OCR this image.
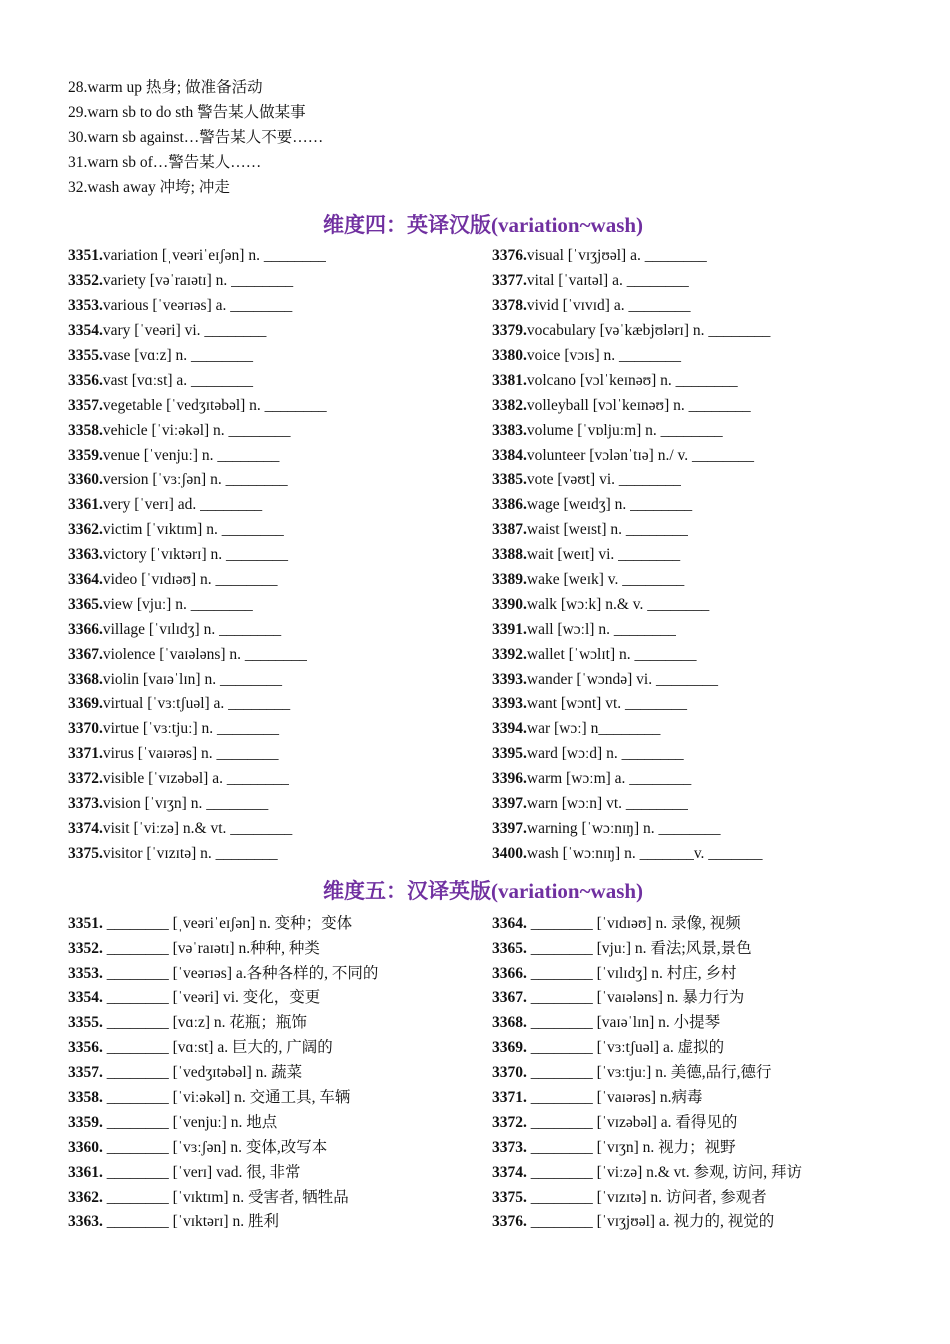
28.warm up 热身; 做准备活动
29.warn sb to do sth 警告某人做某事
30.warn sb against…警告某人不要……
31.warn sb of…警告某人……
32.wash away 冲垮; 冲走
维度四：英译汉版(variation~wash)
3351.variation [ˌveəriˈeɪʃən] n. ________
3352.variety [vəˈraɪətɪ] n. ________
3353.various [ˈveərɪəs] a. ________
3354.vary [ˈveəri] vi. ________
3355.vase [vɑːz] n. ________
3356.vast [vɑːst] a. ________
3357.vegetable [ˈvedʒɪtəbəl] n. ________
3358.vehicle [ˈviːəkəl] n. ________
3359.venue [ˈvenjuː] n. ________
3360.version [ˈvɜːʃən] n. ________
3361.very [ˈverɪ] ad. ________
3362.victim [ˈvɪktɪm] n. ________
3363.victory [ˈvɪktərɪ] n. ________
3364.video [ˈvɪdɪəʊ] n. ________
3365.view [vjuː] n. ________
3366.village [ˈvɪlɪdʒ] n. ________
3367.violence [ˈvaɪələns] n. ________
3368.violin [vaɪəˈlɪn] n. ________
3369.virtual [ˈvɜːtʃuəl] a. ________
3370.virtue [ˈvɜːtjuː] n. ________
3371.virus [ˈvaɪərəs] n. ________
3372.visible [ˈvɪzəbəl] a. ________
3373.vision [ˈvɪʒn] n. ________
3374.visit [ˈviːzə] n.& vt. ________
3375.visitor [ˈvɪzɪtə] n. ________
3376.visual [ˈvɪʒjʊəl] a. ________
3377.vital [ˈvaɪtəl] a. ________
3378.vivid [ˈvɪvɪd] a. ________
3379.vocabulary [vəˈkæbjʊlərɪ] n. ________
3380.voice [vɔɪs] n. ________
3381.volcano [vɔlˈkeɪnəʊ] n. ________
3382.volleyball [vɔlˈkeɪnəʊ] n. ________
3383.volume [ˈvɒljuːm] n. ________
3384.volunteer [vɔlənˈtɪə] n./ v. ________
3385.vote [vəʊt] vi. ________
3386.wage [weɪdʒ] n. ________
3387.waist [weɪst] n. ________
3388.wait [weɪt] vi. ________
3389.wake [weɪk] v. ________
3390.walk [wɔːk] n.& v. ________
3391.wall [wɔːl] n. ________
3392.wallet [ˈwɔlɪt] n. ________
3393.wander [ˈwɔndə] vi. ________
3393.want [wɔnt] vt. ________
3394.war [wɔː] n________
3395.ward [wɔːd] n. ________
3396.warm [wɔːm] a. ________
3397.warn [wɔːn] vt. ________
3397.warning [ˈwɔːnɪŋ] n. ________
3400.wash [ˈwɔːnɪŋ] n. _______v. _______
维度五：汉译英版(variation~wash)
3351. ________ [ˌveəriˈeɪʃən] n. 变种；变体
3352. ________ [vəˈraɪətɪ] n.种种, 种类
3353. ________ [ˈveərɪəs] a.各种各样的, 不同的
3354. ________ [ˈveəri] vi. 变化，变更
3355. ________ [vɑːz] n. 花瓶；瓶饰
3356. ________ [vɑːst] a. 巨大的, 广阔的
3357. ________ [ˈvedʒɪtəbəl] n. 蔬菜
3358. ________ [ˈviːəkəl] n. 交通工具, 车辆
3359. ________ [ˈvenjuː] n. 地点
3360. ________ [ˈvɜːʃən] n. 变体,改写本
3361. ________ [ˈverɪ] vad. 很, 非常
3362. ________ [ˈvɪktɪm] n. 受害者, 牺牲品
3363. ________ [ˈvɪktərɪ] n. 胜利
3364. ________ [ˈvɪdɪəʊ] n. 录像, 视频
3365. ________ [vjuː] n. 看法;风景,景色
3366. ________ [ˈvɪlɪdʒ] n. 村庄, 乡村
3367. ________ [ˈvaɪələns] n. 暴力行为
3368. ________ [vaɪəˈlɪn] n. 小提琴
3369. ________ [ˈvɜːtʃuəl] a. 虚拟的
3370. ________ [ˈvɜːtjuː] n. 美德,品行,德行
3371. ________ [ˈvaɪərəs] n.病毒
3372. ________ [ˈvɪzəbəl] a. 看得见的
3373. ________ [ˈvɪʒn] n. 视力；视野
3374. ________ [ˈviːzə] n.& vt. 参观, 访问, 拜访
3375. ________ [ˈvɪzɪtə] n. 访问者, 参观者
3376. ________ [ˈvɪʒjʊəl] a. 视力的, 视觉的
